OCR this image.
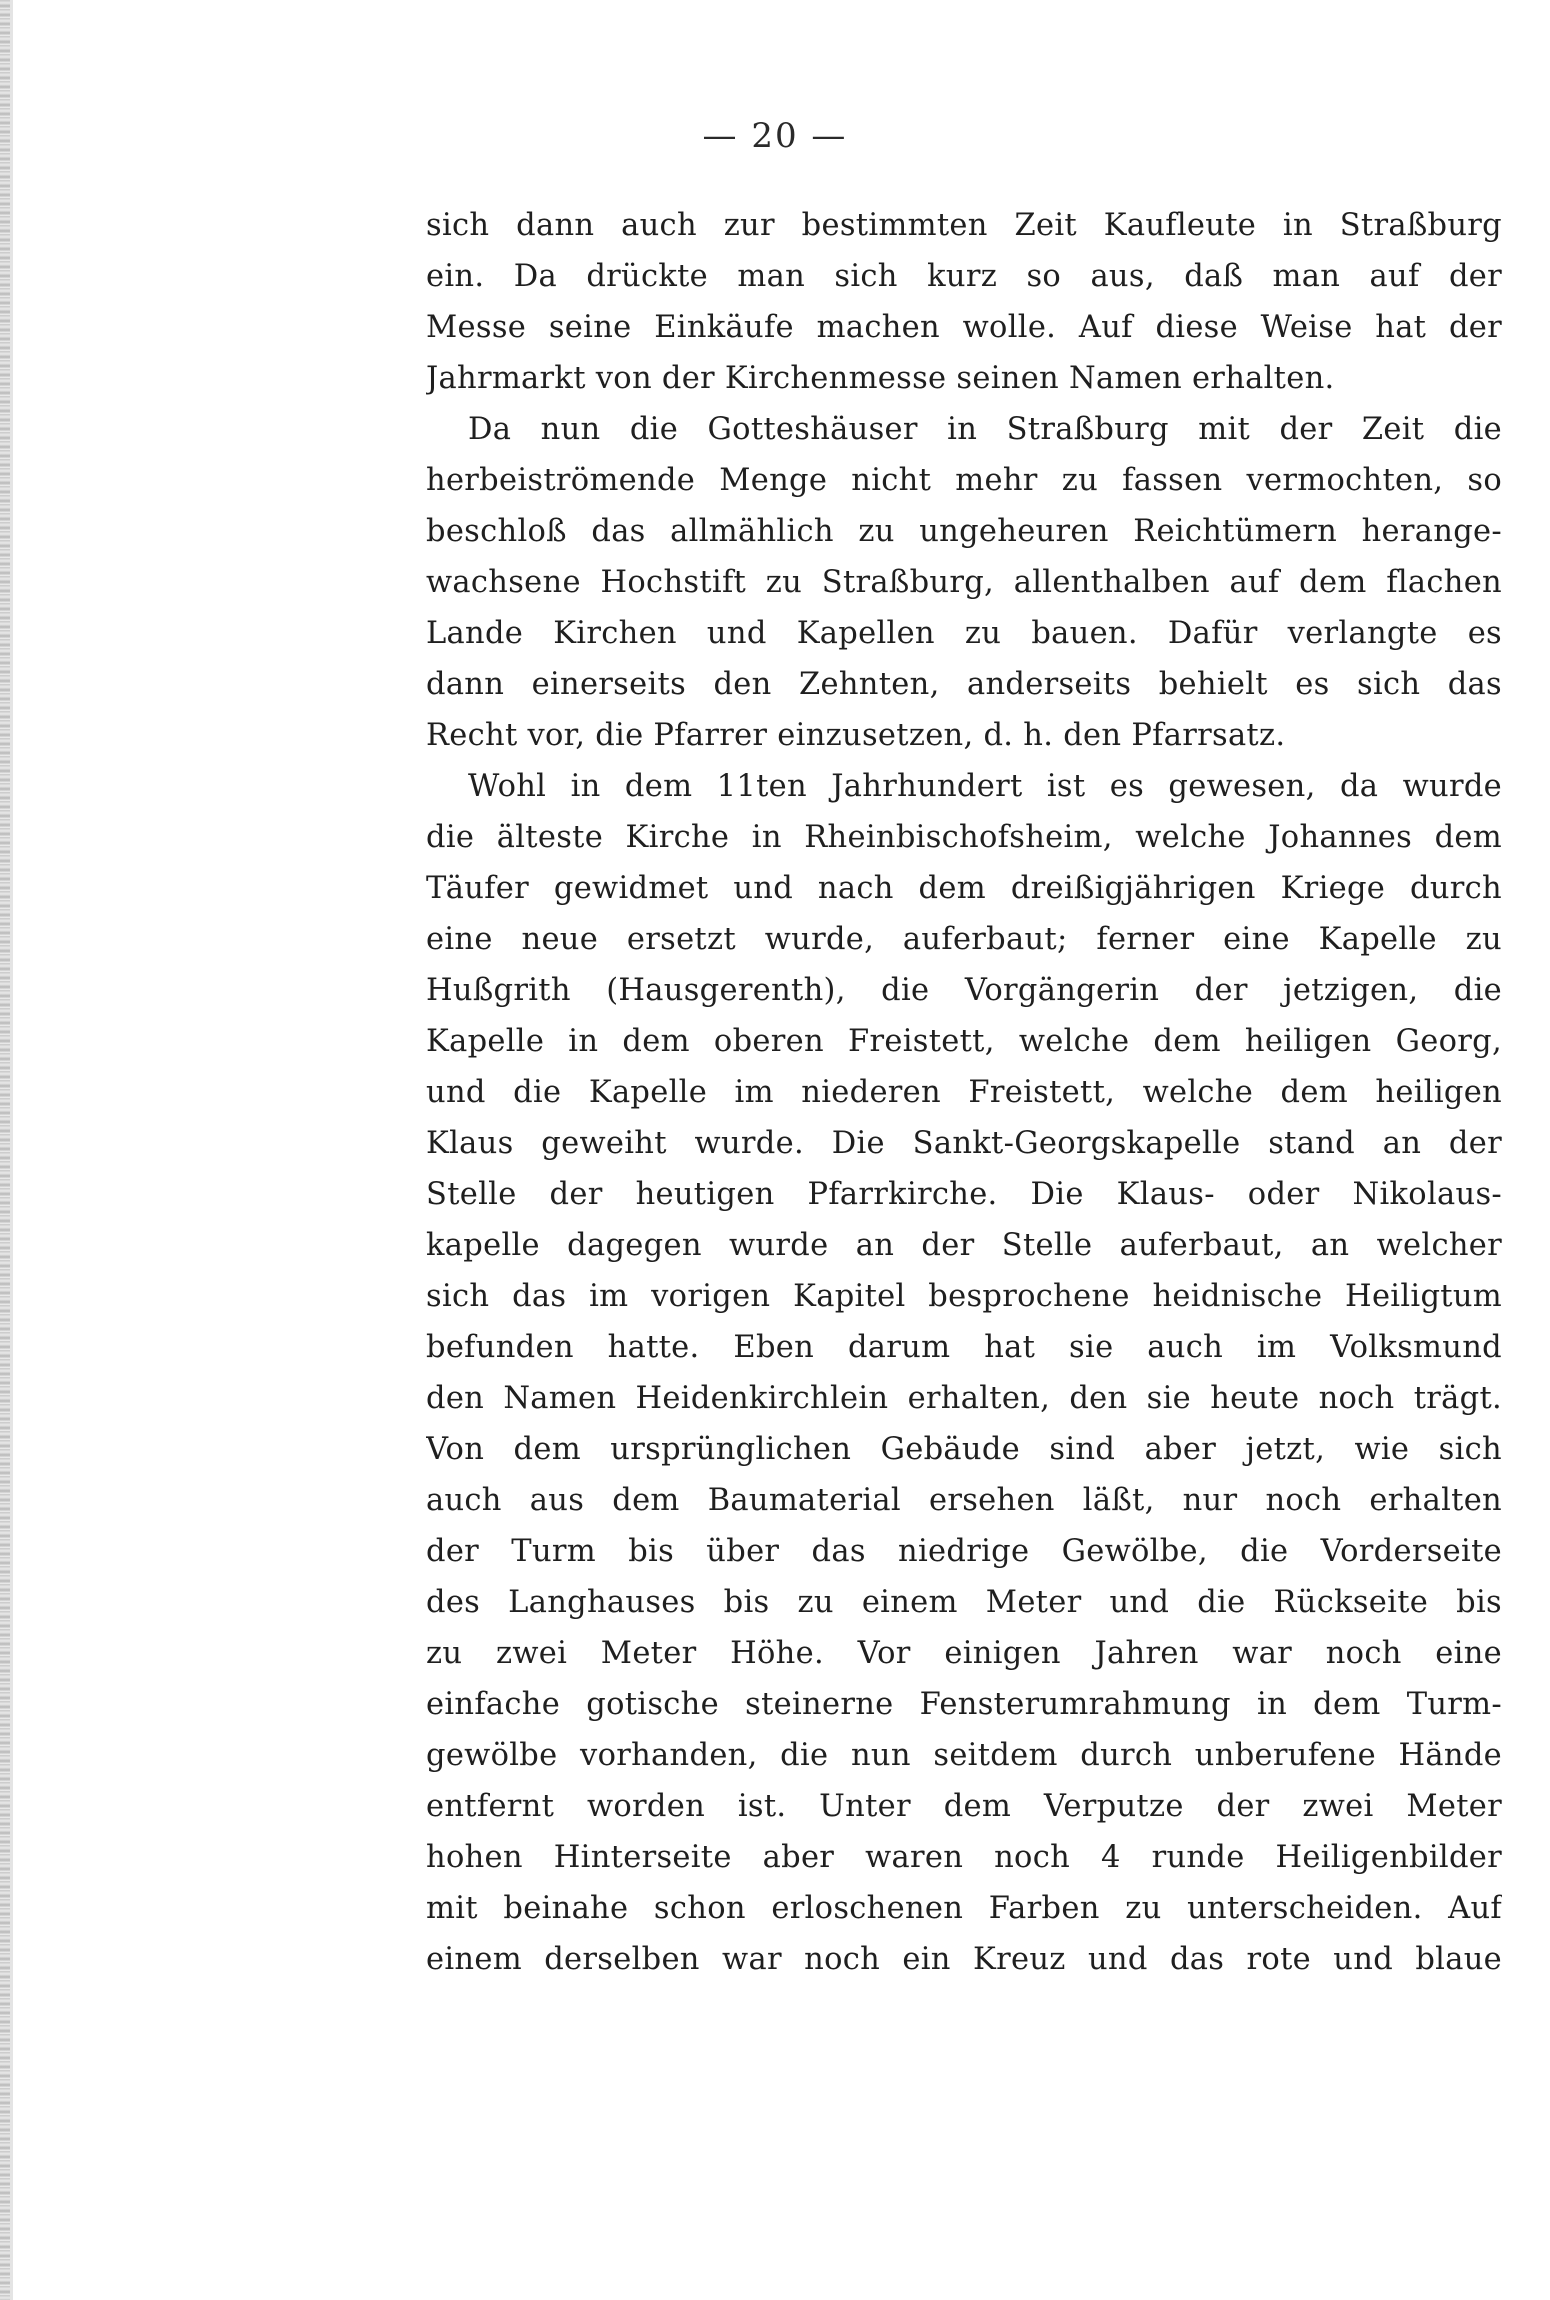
— 20 —
sich dann auch zur bestimmten Zeit Kaufleute in Straßburg
ein. Da drückte man sich kurz so aus, daß man auf der
Messe seine Einkäufe machen wolle. Auf diese Weise hat der
Jahrmarkt von der Kirchenmesse seinen Namen erhalten.
Da nun die Gotteshäuser in Straßburg mit der Zeit die
herbeiströmende Menge nicht mehr zu fassen vermochten, so
beschloß das allmählich zu ungeheuren Reichtümern herange-
wachsene Hochstift zu Straßburg, allenthalben auf dem flachen
Lande Kirchen und Kapellen zu bauen. Dafür verlangte es
dann einerseits den Zehnten, anderseits behielt es sich das
Recht vor, die Pfarrer einzusetzen, d. h. den Pfarrsatz.
Wohl in dem 11ten Jahrhundert ist es gewesen, da wurde
die älteste Kirche in Rheinbischofsheim, welche Johannes dem
Täufer gewidmet und nach dem dreißigjährigen Kriege durch
eine neue ersetzt wurde, auferbaut; ferner eine Kapelle zu
Hußgrith (Hausgerenth), die Vorgängerin der jetzigen, die
Kapelle in dem oberen Freistett, welche dem heiligen Georg,
und die Kapelle im niederen Freistett, welche dem heiligen
Klaus geweiht wurde. Die Sankt-Georgskapelle stand an der
Stelle der heutigen Pfarrkirche. Die Klaus- oder Nikolaus-
kapelle dagegen wurde an der Stelle auferbaut, an welcher
sich das im vorigen Kapitel besprochene heidnische Heiligtum
befunden hatte. Eben darum hat sie auch im Volksmund
den Namen Heidenkirchlein erhalten, den sie heute noch trägt.
Von dem ursprünglichen Gebäude sind aber jetzt, wie sich
auch aus dem Baumaterial ersehen läßt, nur noch erhalten
der Turm bis über das niedrige Gewölbe, die Vorderseite
des Langhauses bis zu einem Meter und die Rückseite bis
zu zwei Meter Höhe. Vor einigen Jahren war noch eine
einfache gotische steinerne Fensterumrahmung in dem Turm-
gewölbe vorhanden, die nun seitdem durch unberufene Hände
entfernt worden ist. Unter dem Verputze der zwei Meter
hohen Hinterseite aber waren noch 4 runde Heiligenbilder
mit beinahe schon erloschenen Farben zu unterscheiden. Auf
einem derselben war noch ein Kreuz und das rote und blaue
